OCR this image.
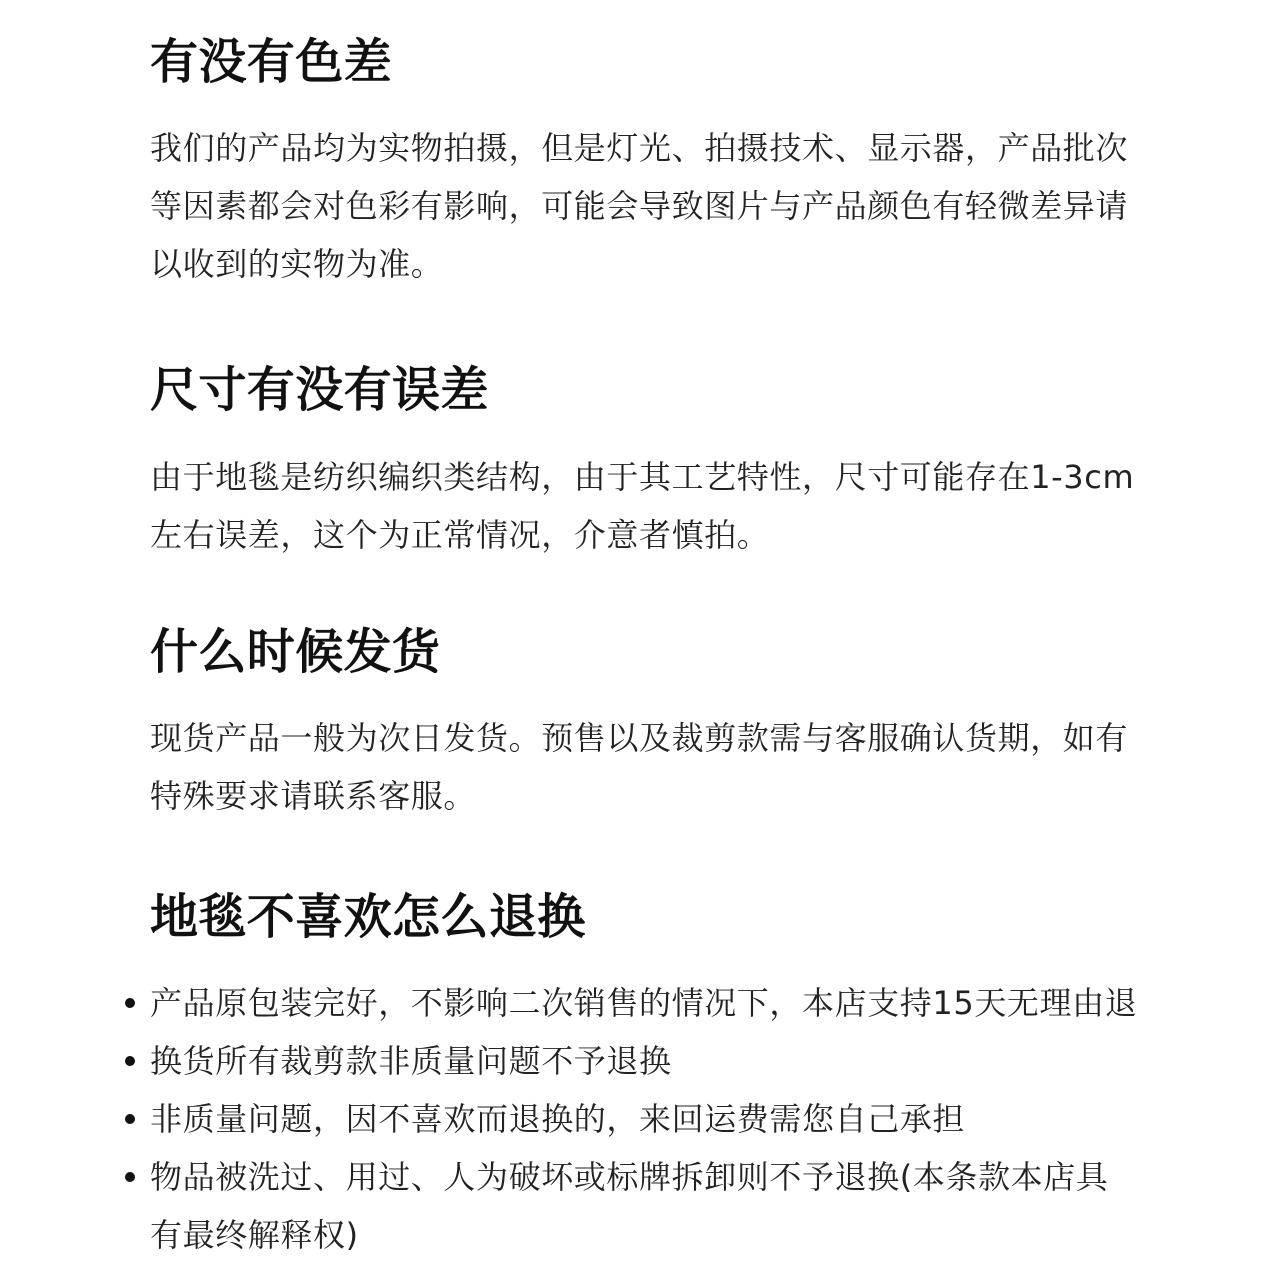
有没有色差
我们的产品均为实物拍摄，但是灯光、拍摄技术、显示器，产品批次
等因素都会对色彩有影响，可能会导致图片与产品颜色有轻微差异请
以收到的实物为准。
尺寸有没有误差
由于地毯是纺织编织类结构，由于其工艺特性，尺寸可能存在1-3cm
左右误差，这个为正常情况，介意者慎拍。
什么时候发货
现货产品一般为次日发货。预售以及裁剪款需与客服确认货期，如有
特殊要求请联系客服。
地毯不喜欢怎么退换
产品原包装完好，不影响二次销售的情况下，本店支持15天无理由退
换货所有裁剪款非质量问题不予退换
非质量问题，因不喜欢而退换的，来回运费需您自己承担
物品被洗过、用过、人为破坏或标牌拆卸则不予退换(本条款本店具
有最终解释权)
